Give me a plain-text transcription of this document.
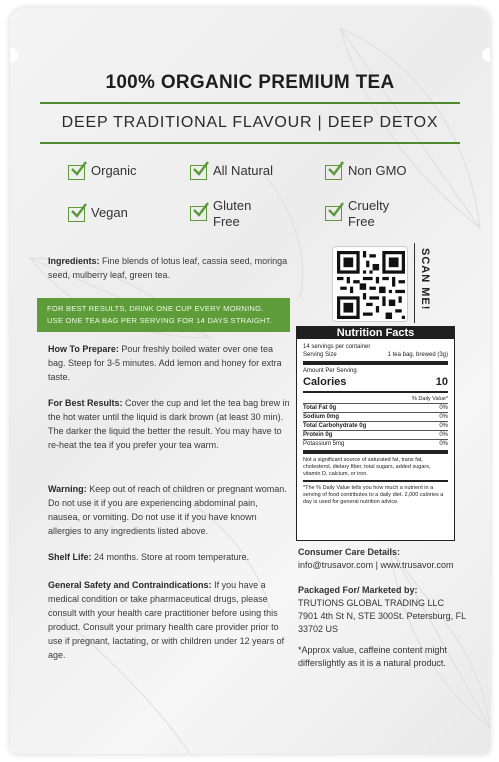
100% ORGANIC PREMIUM TEA
DEEP TRADITIONAL FLAVOUR | DEEP DETOX
Organic	All Natural	Non GMO
Vegan	Gluten Free
Cruelty Free
Ingredients: Fine blends of lotus leaf, cassia seed, moringa seed, mulberry leaf, green tea.
FOR BEST RESULTS, DRINK ONE CUP EVERY MORNING.
USE ONE TEA BAG PER SERVING FOR 14 DAYS STRAIGHT.
How To Prepare: Pour freshly boiled water over one tea bag. Steep for 3-5 minutes. Add lemon and honey for extra taste.
For Best Results: Cover the cup and let the tea bag brew in the hot water until the liquid is dark brown (at least 30 min). The darker the liquid the better the result. You may have to re-heat the tea if you prefer your tea warm.
Warning: Keep out of reach of children or pregnant woman. Do not use it if you are experiencing abdominal pain, nausea, or vomiting. Do not use it if you have known allergies to any ingredients listed above.
Shelf Life: 24 months. Store at room temperature.
General Safety and Contraindications: If you have a medical condition or take pharmaceutical drugs, please consult with your health care practitioner before using this product. Consult your primary health care provider prior to use if pregnant, lactating, or with children under 12 years of age.
SCAN ME!
Nutrition Facts
14 servings per container
Serving Size	1 tea bag, brewed (3g)
Amount Per Serving
Calories	10
% Daily Value*
Total Fat 0g	0%
Sodium 0mg	0%
Total Carbohydrate 0g	0%
Protein 0g	0%
Potassium 5mg	0%
Not a significant source of saturated fat, trans fat, cholesterol, dietary fiber, total sugars, added sugars, vitamin D, calcium, or iron.
*The % Daily Value tells you how much a nutrient in a serving of food contributes to a daily diet. 2,000 calories a day is used for general nutrition advice.
Consumer Care Details:
info@trusavor.com | www.trusavor.com
Packaged For/ Marketed by:
TRUTIONS GLOBAL TRADING LLC
7901 4th St N, STE 300St. Petersburg, FL
33702 US
*Approx value, caffeine content might differslightly as it is a natural product.
